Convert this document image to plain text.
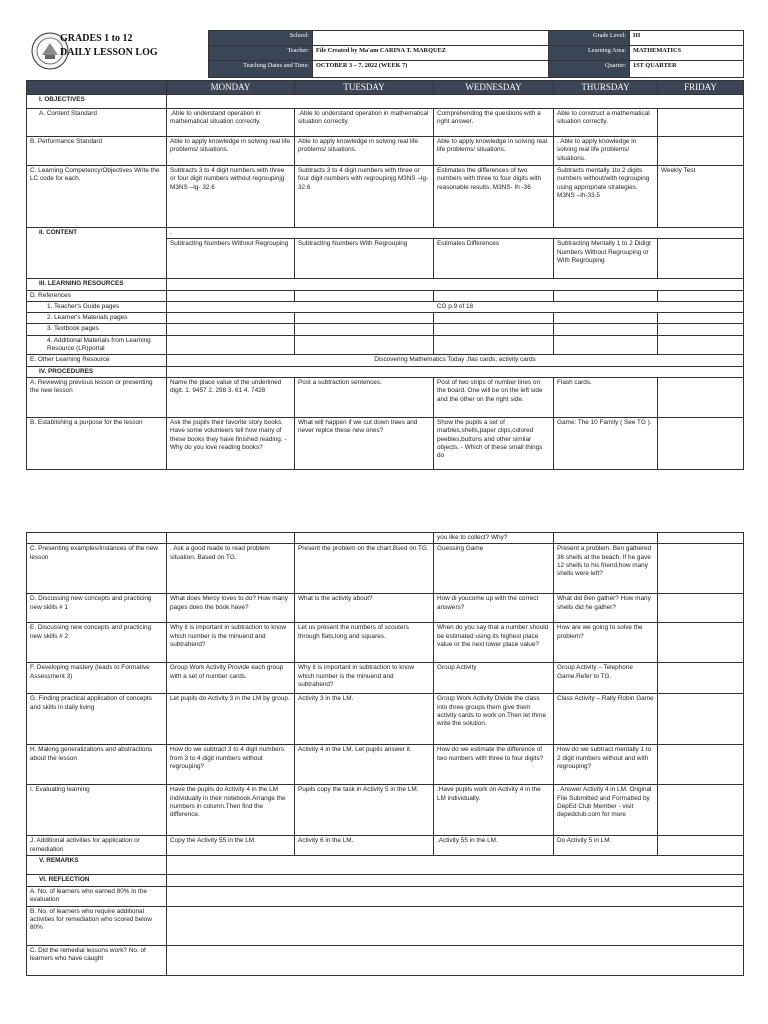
GRADES 1 to 12
DAILY LESSON LOG
School:		Grade Level:	III
Teacher:	File Created by Ma'am CARINA T. MARQUEZ	Learning Area:	MATHEMATICS
Teaching Dates and Time:	OCTOBER 3 – 7, 2022 (WEEK 7)	Quarter:	1ST QUARTER
	MONDAY	TUESDAY	WEDNESDAY	THURSDAY	FRIDAY
I. OBJECTIVES					
A. Content Standard	.Able to understand operation in mathematical situation correctly.	.Able to understand operation in mathematical situation correctly.	Comprehending the questions with a right answer.	Able to construct a mathematical situation correctly.	
B. Performance Standard	Able to apply knowledge in solving real life problems/ situations.	Able to apply knowledge in solving real life problems/ situations.	Able to apply knowledge in solving real life problems/ situations.	. Able to apply knowledge in solving real life problems/ situations.	
C. Learning Competency/Objectives Write the LC code for each.	Subtracts 3 to 4 digit numbers with three or four digit numbers without regroupinjg M3NS –Ig- 32.6	Subtracts 3 to 4 digit numbers with three or four digit numbers with regroupinjg M3NS –Ig- 32.6	Estimates the differences of two numbers with three to four digits with reasonable results. M3NS- Ih -36	Subtracts mentally 1to 2 digits numbers without/with regrouping using appropriate strategies. M3NS –Ih-33.5	Weekly Test
II. CONTENT	.				
	Subtracting Numbers Without Regrouping	Subtracting Numbers With Regrouping	Estimates Differences	Subtracting Mentally 1 to 2 Didigt Numbers Without Regrouping or With Regrouping	
III. LEARNING RESOURCES					
D. References					
1. Teacher's Guide pages	CG p.9 of 18				
2. Learner's Materials pages					
3. Textbook pages					
4. Additional Materials from Learning Resource (LR)portal					
E. Other Learning Resource	Discovering Mathematics Today ,flas cards, activity cards				
IV. PROCEDURES					
A. Reviewing previous lesson or presenting the new lesson	Name the place value of the underlined digit. 1. 9457 2. 298 3. 61 4. 7428	Post a subtraction sentences.	Post of two strips of number lines on the board. One will be on the left side and the other on the right side.	Flash cards.	
B. Establishing a purpose for the lesson	Ask the pupils their favorite story books. Have some volunteers tell how many of these books they have finished reading. - Why do you love reading books?	What will happen if we cut down trees and never replce these new ones?	Show the pupils a set of marbles,shells,paper clips,colored peebles,buttons and other similar objects. - Which of these small things do	Game: The 10 Family ( See TG ).	
			you like to collect? Why?		
C. Presenting examples/instances of the new lesson	. Ask a good reade to read problem situation. Based on TG.	Present the problem on the chart.Bsed on TG.	Guessing Game	Present a problem. Ben gathered 36 shells at the beach. If he gave 12 shells to his friend,how many shells were left?	
D. Discussing new concepts and practicing new skills # 1	What does Mercy loves to do? How many pages does the book have?	What is the activity about?	How di youcome up with the correct answers?	What did Ben gather? How many shells did he gather?	
E. Discussing new concepts and practicing new skills # 2	Why it is important in subtraction to know which number is the minuend and subtrahend?	Let us present the numbers of scouters through flats,long and squares.	When do you say that a number should be estimated using its highest place value or the next lower place value?	How are we going to solve the problem?	
F. Developing mastery (leads to Formative Assessment 3)	Group Work Activity Provide each group with a set of number cards.	Why it is important in subtraction to know which number is the minuend and subtrahend?	Group Activity	Group Activity – Telephone Game.Refer to TG.	
G. Finding practical application of concepts and skills in daily living	Let pupils do Activity 3 in the LM by group.	Activity 3 in the LM.	Group Work Activity Divide the class into three groups them give them activity cards to work on.Then let thme write the solution.	Class Activity – Rally Robin Game	
H. Making generalizations and abstractions about the lesson	How do we subtract 3 to 4 digit numbers from 3 to 4 digit numbers without regrouping?	Activity 4 in the LM. Let pupils answer it.	How do we estimate the difference of two numbers with three to four digits?	How do we subtract mentally 1 to 2 digit numbers without and with regrouping?	
I. Evaluating learning	Have the pupils do Activity 4 in the LM individually in their notebook.Arrange the numbers in column.Then find the difference.	Pupils copy the task in Activity 5 in the LM.	.Have pupils work on Activity 4 in the LM individually.	. Answer Activity 4 in LM. Original File Submitted and Formatted by DepEd Club Member - visit depedclub.com for more	
J. Additional activities for application or remediation	Copy the Activity 55 in the LM.	Activity 6 in the LM.	.Activity 55 in the LM.	Do Activity 5 in LM.	
V. REMARKS					
VI. REFLECTION					
A. No. of learners who earned 80% in the evaluation					
B. No. of learners who require additional activities for remediation who scored below 80%					
C. Did the remedial lessons work? No. of learners who have caught					
